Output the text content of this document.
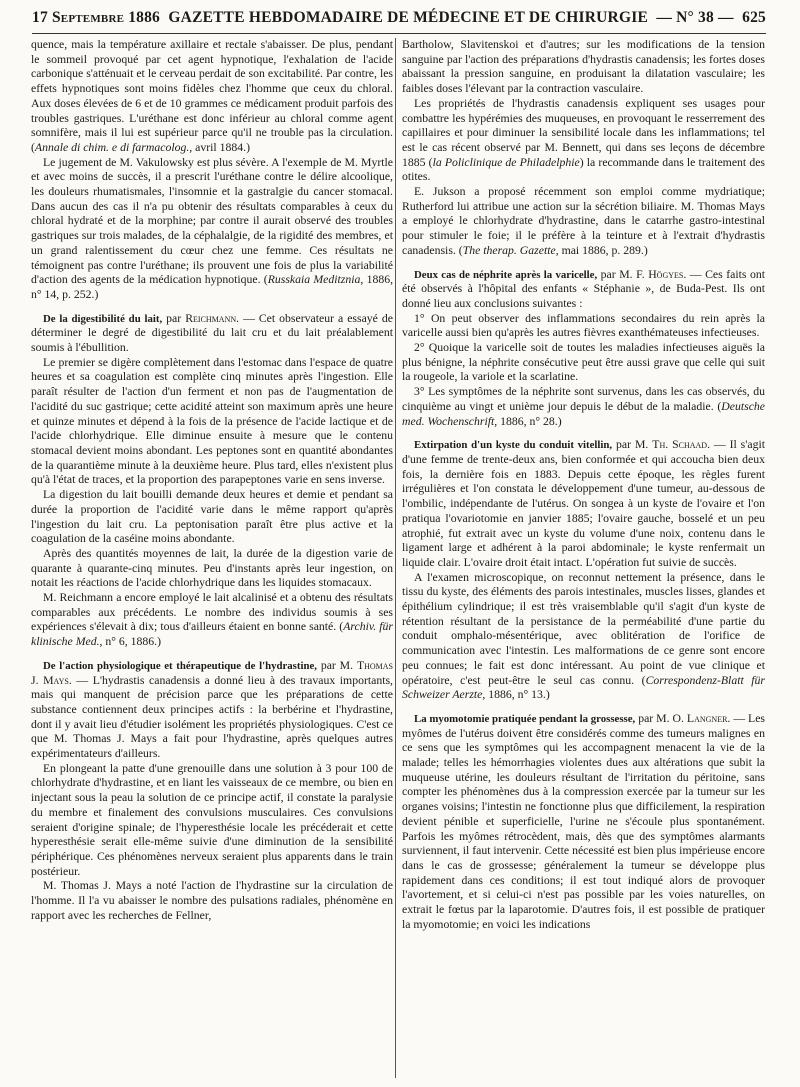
17 Septembre 1886 GAZETTE HEBDOMADAIRE DE MÉDECINE ET DE CHIRURGIE — N° 38 — 625

quence, mais la température axillaire et rectale s'abaisser. De plus, pendant le sommeil provoqué par cet agent hypnotique, l'exhalation de l'acide carbonique s'atténuait et le cerveau perdait de son excitabilité. Par contre, les effets hypnotiques sont moins fidèles chez l'homme que ceux du chloral. Aux doses élevées de 6 et de 10 grammes ce médicament produit parfois des troubles gastriques. L'uréthane est donc inférieur au chloral comme agent somnifère, mais il lui est supérieur parce qu'il ne trouble pas la circulation. (Annale di chim. e di farmacolog., avril 1884.)

Le jugement de M. Vakulowsky est plus sévère. A l'exemple de M. Myrtle et avec moins de succès, il a prescrit l'uréthane contre le délire alcoolique, les douleurs rhumatismales, l'insomnie et la gastralgie du cancer stomacal. Dans aucun des cas il n'a pu obtenir des résultats comparables à ceux du chloral hydraté et de la morphine; par contre il aurait observé des troubles gastriques sur trois malades, de la céphalalgie, de la rigidité des membres, et un grand ralentissement du cœur chez une femme. Ces résultats ne témoignent pas contre l'uréthane; ils prouvent une fois de plus la variabilité d'action des agents de la médication hypnotique. (Russkaia Meditznia, 1886, n° 14, p. 252.)

De la digestibilité du lait, par Reichmann. — Cet observateur a essayé de déterminer le degré de digestibilité du lait cru et du lait préalablement soumis à l'ébullition.

Le premier se digère complètement dans l'estomac dans l'espace de quatre heures et sa coagulation est complète cinq minutes après l'ingestion. Elle paraît résulter de l'action d'un ferment et non pas de l'augmentation de l'acidité du suc gastrique; cette acidité atteint son maximum après une heure et quinze minutes et dépend à la fois de la présence de l'acide lactique et de l'acide chlorhydrique. Elle diminue ensuite à mesure que le contenu stomacal devient moins abondant. Les peptones sont en quantité abondantes de la quarantième minute à la deuxième heure. Plus tard, elles n'existent plus qu'à l'état de traces, et la proportion des parapeptones varie en sens inverse.

La digestion du lait bouilli demande deux heures et demie et pendant sa durée la proportion de l'acidité varie dans le même rapport qu'après l'ingestion du lait cru. La peptonisation paraît être plus active et la coagulation de la caséine moins abondante.

Après des quantités moyennes de lait, la durée de la digestion varie de quarante à quarante-cinq minutes. Peu d'instants après leur ingestion, on notait les réactions de l'acide chlorhydrique dans les liquides stomacaux.

M. Reichmann a encore employé le lait alcalinisé et a obtenu des résultats comparables aux précédents. Le nombre des individus soumis à ses expériences s'élevait à dix; tous d'ailleurs étaient en bonne santé. (Archiv. für klinische Med., n° 6, 1886.)

De l'action physiologique et thérapeutique de l'hydrastine, par M. Thomas J. Mays. — L'hydrastis canadensis a donné lieu à des travaux importants, mais qui manquent de précision parce que les préparations de cette substance contiennent deux principes actifs : la berbérine et l'hydrastine, dont il y avait lieu d'étudier isolément les propriétés physiologiques. C'est ce que M. Thomas J. Mays a fait pour l'hydrastine, après quelques autres expérimentateurs d'ailleurs.

En plongeant la patte d'une grenouille dans une solution à 3 pour 100 de chlorhydrate d'hydrastine, et en liant les vaisseaux de ce membre, ou bien en injectant sous la peau la solution de ce principe actif, il constate la paralysie du membre et finalement des convulsions musculaires. Ces convulsions seraient d'origine spinale; de l'hyperesthésie locale les précéderait et cette hyperesthésie serait elle-même suivie d'une diminution de la sensibilité périphérique. Ces phénomènes nerveux seraient plus apparents dans le train postérieur.

M. Thomas J. Mays a noté l'action de l'hydrastine sur la circulation de l'homme. Il l'a vu abaisser le nombre des pulsations radiales, phénomène en rapport avec les recherches de Fellner,

Bartholow, Slavitenskoi et d'autres; sur les modifications de la tension sanguine par l'action des préparations d'hydrastis canadensis; les fortes doses abaissant la pression sanguine, en produisant la dilatation vasculaire; les faibles doses l'élevant par la contraction vasculaire.

Les propriétés de l'hydrastis canadensis expliquent ses usages pour combattre les hypérémies des muqueuses, en provoquant le resserrement des capillaires et pour diminuer la sensibilité locale dans les inflammations; tel est le cas récent observé par M. Bennett, qui dans ses leçons de décembre 1885 (la Policlinique de Philadelphie) la recommande dans le traitement des otites.

E. Jukson a proposé récemment son emploi comme mydriatique; Rutherford lui attribue une action sur la sécrétion biliaire. M. Thomas Mays a employé le chlorhydrate d'hydrastine, dans le catarrhe gastro-intestinal pour stimuler le foie; il le préfère à la teinture et à l'extrait d'hydrastis canadensis. (The therap. Gazette, mai 1886, p. 289.)

Deux cas de néphrite après la varicelle, par M. F. Högyes. — Ces faits ont été observés à l'hôpital des enfants « Stéphanie », de Buda-Pest. Ils ont donné lieu aux conclusions suivantes :

1° On peut observer des inflammations secondaires du rein après la varicelle aussi bien qu'après les autres fièvres exanthémateuses infectieuses.

2° Quoique la varicelle soit de toutes les maladies infectieuses aiguës la plus bénigne, la néphrite consécutive peut être aussi grave que celle qui suit la rougeole, la variole et la scarlatine.

3° Les symptômes de la néphrite sont survenus, dans les cas observés, du cinquième au vingt et unième jour depuis le début de la maladie. (Deutsche med. Wochenschrift, 1886, n° 28.)

Extirpation d'un kyste du conduit vitellin, par M. Th. Schaad. — Il s'agit d'une femme de trente-deux ans, bien conformée et qui accoucha bien deux fois, la dernière fois en 1883. Depuis cette époque, les règles furent irrégulières et l'on constata le développement d'une tumeur, au-dessous de l'ombilic, indépendante de l'utérus. On songea à un kyste de l'ovaire et l'on pratiqua l'ovariotomie en janvier 1885; l'ovaire gauche, bosselé et un peu atrophié, fut extrait avec un kyste du volume d'une noix, contenu dans le ligament large et adhérent à la paroi abdominale; le kyste renfermait un liquide clair. L'ovaire droit était intact. L'opération fut suivie de succès.

A l'examen microscopique, on reconnut nettement la présence, dans le tissu du kyste, des éléments des parois intestinales, muscles lisses, glandes et épithélium cylindrique; il est très vraisemblable qu'il s'agit d'un kyste de rétention résultant de la persistance de la perméabilité d'une partie du conduit omphalo-mésentérique, avec oblitération de l'orifice de communication avec l'intestin. Les malformations de ce genre sont encore peu connues; le fait est donc intéressant. Au point de vue clinique et opératoire, c'est peut-être le seul cas connu. (Correspondenz-Blatt für Schweizer Aerzte, 1886, n° 13.)

La myomotomie pratiquée pendant la grossesse, par M. O. Langner. — Les myômes de l'utérus doivent être considérés comme des tumeurs malignes en ce sens que les symptômes qui les accompagnent menacent la vie de la malade; telles les hémorrhagies violentes dues aux altérations que subit la muqueuse utérine, les douleurs résultant de l'irritation du péritoine, sans compter les phénomènes dus à la compression exercée par la tumeur sur les organes voisins; l'intestin ne fonctionne plus que difficilement, la respiration devient pénible et superficielle, l'urine ne s'écoule plus spontanément. Parfois les myômes rétrocèdent, mais, dès que des symptômes alarmants surviennent, il faut intervenir. Cette nécessité est bien plus impérieuse encore dans le cas de grossesse; généralement la tumeur se développe plus rapidement dans ces conditions; il est tout indiqué alors de provoquer l'avortement, et si celui-ci n'est pas possible par les voies naturelles, on extrait le fœtus par la laparotomie. D'autres fois, il est possible de pratiquer la myomotomie; en voici les indications
